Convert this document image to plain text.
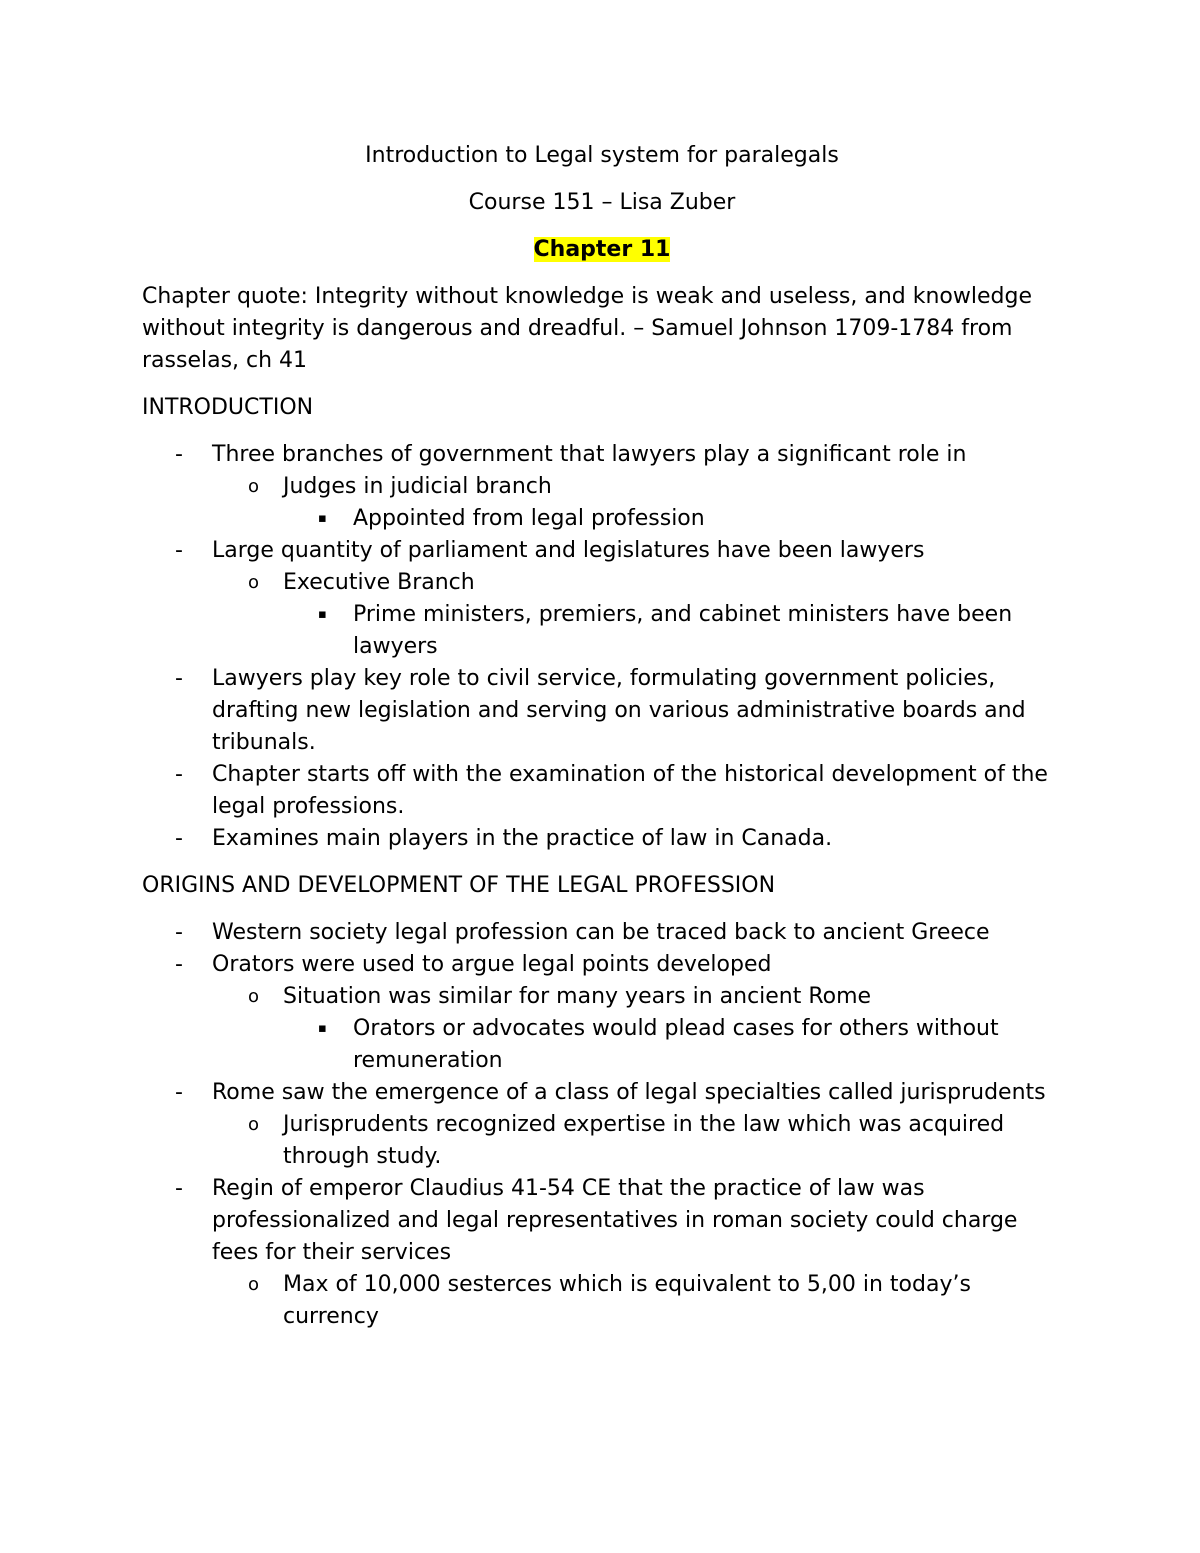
Introduction to Legal system for paralegals

Course 151 – Lisa Zuber

Chapter 11

Chapter quote: Integrity without knowledge is weak and useless, and knowledge without integrity is dangerous and dreadful. – Samuel Johnson 1709-1784 from rasselas, ch 41

INTRODUCTION

- Three branches of government that lawyers play a significant role in
o Judges in judicial branch
▪ Appointed from legal profession
- Large quantity of parliament and legislatures have been lawyers
o Executive Branch
▪ Prime ministers, premiers, and cabinet ministers have been lawyers
- Lawyers play key role to civil service, formulating government policies, drafting new legislation and serving on various administrative boards and tribunals.
- Chapter starts off with the examination of the historical development of the legal professions.
- Examines main players in the practice of law in Canada.

ORIGINS AND DEVELOPMENT OF THE LEGAL PROFESSION

- Western society legal profession can be traced back to ancient Greece
- Orators were used to argue legal points developed
o Situation was similar for many years in ancient Rome
▪ Orators or advocates would plead cases for others without remuneration
- Rome saw the emergence of a class of legal specialties called jurisprudents
o Jurisprudents recognized expertise in the law which was acquired through study.
- Regin of emperor Claudius 41-54 CE that the practice of law was professionalized and legal representatives in roman society could charge fees for their services
o Max of 10,000 sesterces which is equivalent to 5,00 in today’s currency
